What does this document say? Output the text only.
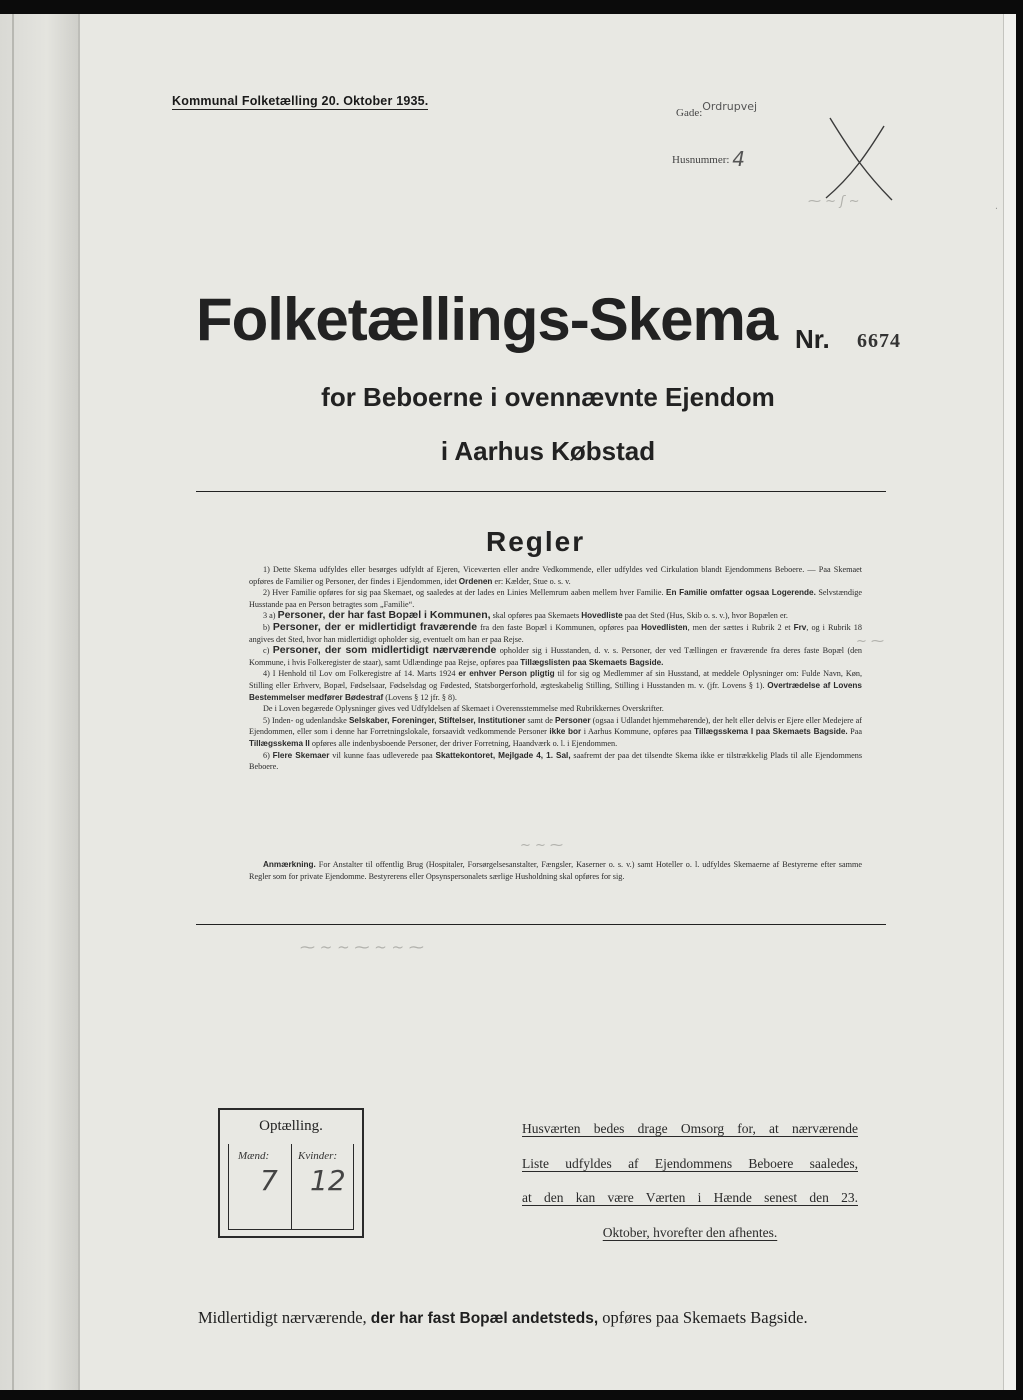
⁓ ~ ʃ ~
~ ⁓
~ ~ ⁓
⁓ ~ ~ ⁓ ~ ~ ⁓
·
Kommunal Folketælling 20. Oktober 1935.
Gade:Ordrupvej
Husnummer: 4
Folketællings-Skema Nr. 6674
for Beboerne i ovennævnte Ejendom
i Aarhus Købstad
Regler

1) Dette Skema udfyldes eller besørges udfyldt af Ejeren, Viceværten eller andre Vedkommende, eller udfyldes ved Cirkulation blandt Ejendommens Beboere. — Paa Skemaet opføres de Familier og Personer, der findes i Ejendommen, idet Ordenen er: Kælder, Stue o. s. v.

2) Hver Familie opføres for sig paa Skemaet, og saaledes at der lades en Linies Mellemrum aaben mellem hver Familie. En Familie omfatter ogsaa Logerende. Selvstændige Husstande paa en Person betragtes som „Familie“.

3 a) Personer, der har fast Bopæl i Kommunen, skal opføres paa Skemaets Hovedliste paa det Sted (Hus, Skib o. s. v.), hvor Bopælen er.

b) Personer, der er midlertidigt fraværende fra den faste Bopæl i Kommunen, opføres paa Hovedlisten, men der sættes i Rubrik 2 et Frv, og i Rubrik 18 angives det Sted, hvor han midlertidigt opholder sig, eventuelt om han er paa Rejse.

c) Personer, der som midlertidigt nærværende opholder sig i Husstanden, d. v. s. Personer, der ved Tællingen er fraværende fra deres faste Bopæl (den Kommune, i hvis Folkeregister de staar), samt Udlændinge paa Rejse, opføres paa Tillægslisten paa Skemaets Bagside.

4) I Henhold til Lov om Folkeregistre af 14. Marts 1924 er enhver Person pligtig til for sig og Medlemmer af sin Husstand, at meddele Oplysninger om: Fulde Navn, Køn, Stilling eller Erhverv, Bopæl, Fødselsaar, Fødselsdag og Fødested, Statsborgerforhold, ægteskabelig Stilling, Stilling i Husstanden m. v. (jfr. Lovens § 1). Overtrædelse af Lovens Bestemmelser medfører Bødestraf (Lovens § 12 jfr. § 8).

De i Loven begærede Oplysninger gives ved Udfyldelsen af Skemaet i Overensstemmelse med Rubrikkernes Overskrifter.

5) Inden- og udenlandske Selskaber, Foreninger, Stiftelser, Institutioner samt de Personer (ogsaa i Udlandet hjemmehørende), der helt eller delvis er Ejere eller Medejere af Ejendommen, eller som i denne har Forretningslokale, forsaavidt vedkommende Personer ikke bor i Aarhus Kommune, opføres paa Tillægsskema I paa Skemaets Bagside. Paa Tillægsskema II opføres alle indenbysboende Personer, der driver Forretning, Haandværk o. l. i Ejendommen.

6) Flere Skemaer vil kunne faas udleverede paa Skattekontoret, Mejlgade 4, 1. Sal, saafremt der paa det tilsendte Skema ikke er tilstrækkelig Plads til alle Ejendommens Beboere.

Anmærkning. For Anstalter til offentlig Brug (Hospitaler, Forsørgelsesanstalter, Fængsler, Kaserner o. s. v.) samt Hoteller o. l. udfyldes Skemaerne af Bestyrerne efter samme Regler som for private Ejendomme. Bestyrerens eller Opsynspersonalets særlige Husholdning skal opføres for sig.
Optælling.
Mænd:	Kvinder:
7 12
Husværten bedes drage Omsorg for, at nærværende
Liste udfyldes af Ejendommens Beboere saaledes,
at den kan være Værten i Hænde senest den 23.
Oktober, hvorefter den afhentes.
Midlertidigt nærværende, der har fast Bopæl andetsteds, opføres paa Skemaets Bagside.
